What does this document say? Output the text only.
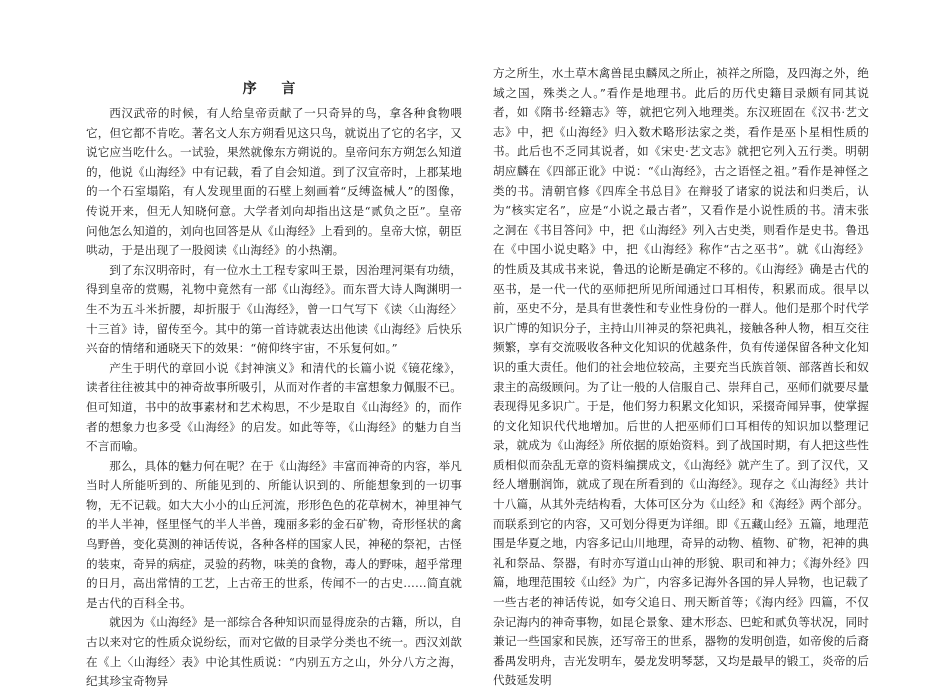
序 言

西汉武帝的时候，有人给皇帝贡献了一只奇异的鸟，拿各种食物喂它，但它都不肯吃。著名文人东方朔看见这只鸟，就说出了它的名字，又说它应当吃什么。一试验，果然就像东方朔说的。皇帝问东方朔怎么知道的，他说《山海经》中有记载，看了自会知道。到了汉宣帝时，上郡某地的一个石室塌陷，有人发现里面的石壁上刻画着“反缚盗械人”的图像，传说开来，但无人知晓何意。大学者刘向却指出这是“贰负之臣”。皇帝问他怎么知道的，刘向也回答是从《山海经》上看到的。皇帝大惊，朝臣哄动，于是出现了一股阅读《山海经》的小热潮。

到了东汉明帝时，有一位水土工程专家叫王景，因治理河渠有功绩，得到皇帝的赏赐，礼物中竟然有一部《山海经》。而东晋大诗人陶渊明一生不为五斗米折腰，却折服于《山海经》，曾一口气写下《读〈山海经〉十三首》诗，留传至今。其中的第一首诗就表达出他读《山海经》后快乐兴奋的情绪和通晓天下的效果：“俯仰终宇宙，不乐复何如。”

产生于明代的章回小说《封神演义》和清代的长篇小说《镜花缘》，读者往往被其中的神奇故事所吸引，从而对作者的丰富想象力佩服不已。但可知道，书中的故事素材和艺术构思，不少是取自《山海经》的，而作者的想象力也多受《山海经》的启发。如此等等，《山海经》的魅力自当不言而喻。

那么，具体的魅力何在呢？在于《山海经》丰富而神奇的内容，举凡当时人所能听到的、所能见到的、所能认识到的、所能想象到的一切事物，无不记载。如大大小小的山丘河流，形形色色的花草树木，神里神气的半人半神，怪里怪气的半人半兽，瑰丽多彩的金石矿物，奇形怪状的禽鸟野兽，变化莫测的神话传说，各种各样的国家人民，神秘的祭祀，古怪的装束，奇异的病症，灵验的药物，味美的食物，毒人的野味，超乎常理的日月，高出常情的工艺，上古帝王的世系，传闻不一的古史……简直就是古代的百科全书。

就因为《山海经》是一部综合各种知识而显得庞杂的古籍，所以，自古以来对它的性质众说纷纭，而对它做的目录学分类也不统一。西汉刘歆在《上〈山海经〉表》中论其性质说：“内别五方之山，外分八方之海，纪其珍宝奇物异

方之所生，水土草木禽兽昆虫麟凤之所止，祯祥之所隐，及四海之外，绝域之国，殊类之人。”看作是地理书。此后的历代史籍目录颇有同其说者，如《隋书·经籍志》等，就把它列入地理类。东汉班固在《汉书·艺文志》中，把《山海经》归入数术略形法家之类，看作是巫卜星相性质的书。此后也不乏同其说者，如《宋史·艺文志》就把它列入五行类。明朝胡应麟在《四部正讹》中说：“《山海经》，古之语怪之祖。”看作是神怪之类的书。清朝官修《四库全书总目》在辩驳了诸家的说法和归类后，认为“核实定名”，应是“小说之最古者”，又看作是小说性质的书。清末张之洞在《书目答问》中，把《山海经》列入古史类，则看作是史书。鲁迅在《中国小说史略》中，把《山海经》称作“古之巫书”。就《山海经》的性质及其成书来说，鲁迅的论断是确定不移的。《山海经》确是古代的巫书，是一代一代的巫师把所见所闻通过口耳相传，积累而成。很早以前，巫史不分，是具有世袭性和专业性身份的一群人。他们是那个时代学识广博的知识分子，主持山川神灵的祭祀典礼，接触各种人物，相互交往频繁，享有交流吸收各种文化知识的优越条件，负有传递保留各种文化知识的重大责任。他们的社会地位较高，主要充当氏族首领、部落酋长和奴隶主的高级顾问。为了让一般的人信服自己、崇拜自己，巫师们就要尽量表现得见多识广。于是，他们努力积累文化知识，采掇奇闻异事，使掌握的文化知识代代地增加。后世的人把巫师们口耳相传的知识加以整理记录，就成为《山海经》所依据的原始资料。到了战国时期，有人把这些性质相似而杂乱无章的资料编撰成文，《山海经》就产生了。到了汉代，又经人增删润饰，就成了现在所看到的《山海经》。现存之《山海经》共计十八篇，从其外壳结构看，大体可区分为《山经》和《海经》两个部分。而联系到它的内容，又可划分得更为详细。即《五藏山经》五篇，地理范围是华夏之地，内容多记山川地理，奇异的动物、植物、矿物，祀神的典礼和祭品、祭器，有时亦写道山山神的形貌、职司和神力；《海外经》四篇，地理范围较《山经》为广，内容多记海外各国的异人异物，也记载了一些古老的神话传说，如夸父追日、刑天断首等；《海内经》四篇，不仅杂记海内的神奇事物，如昆仑景象、建木形态、巴蛇和贰负等状况，同时兼记一些国家和民族，还写帝王的世系，器物的发明创造，如帝俊的后裔番禺发明舟，吉光发明车，晏龙发明琴瑟，又均是最早的锻工，炎帝的后代鼓延发明
